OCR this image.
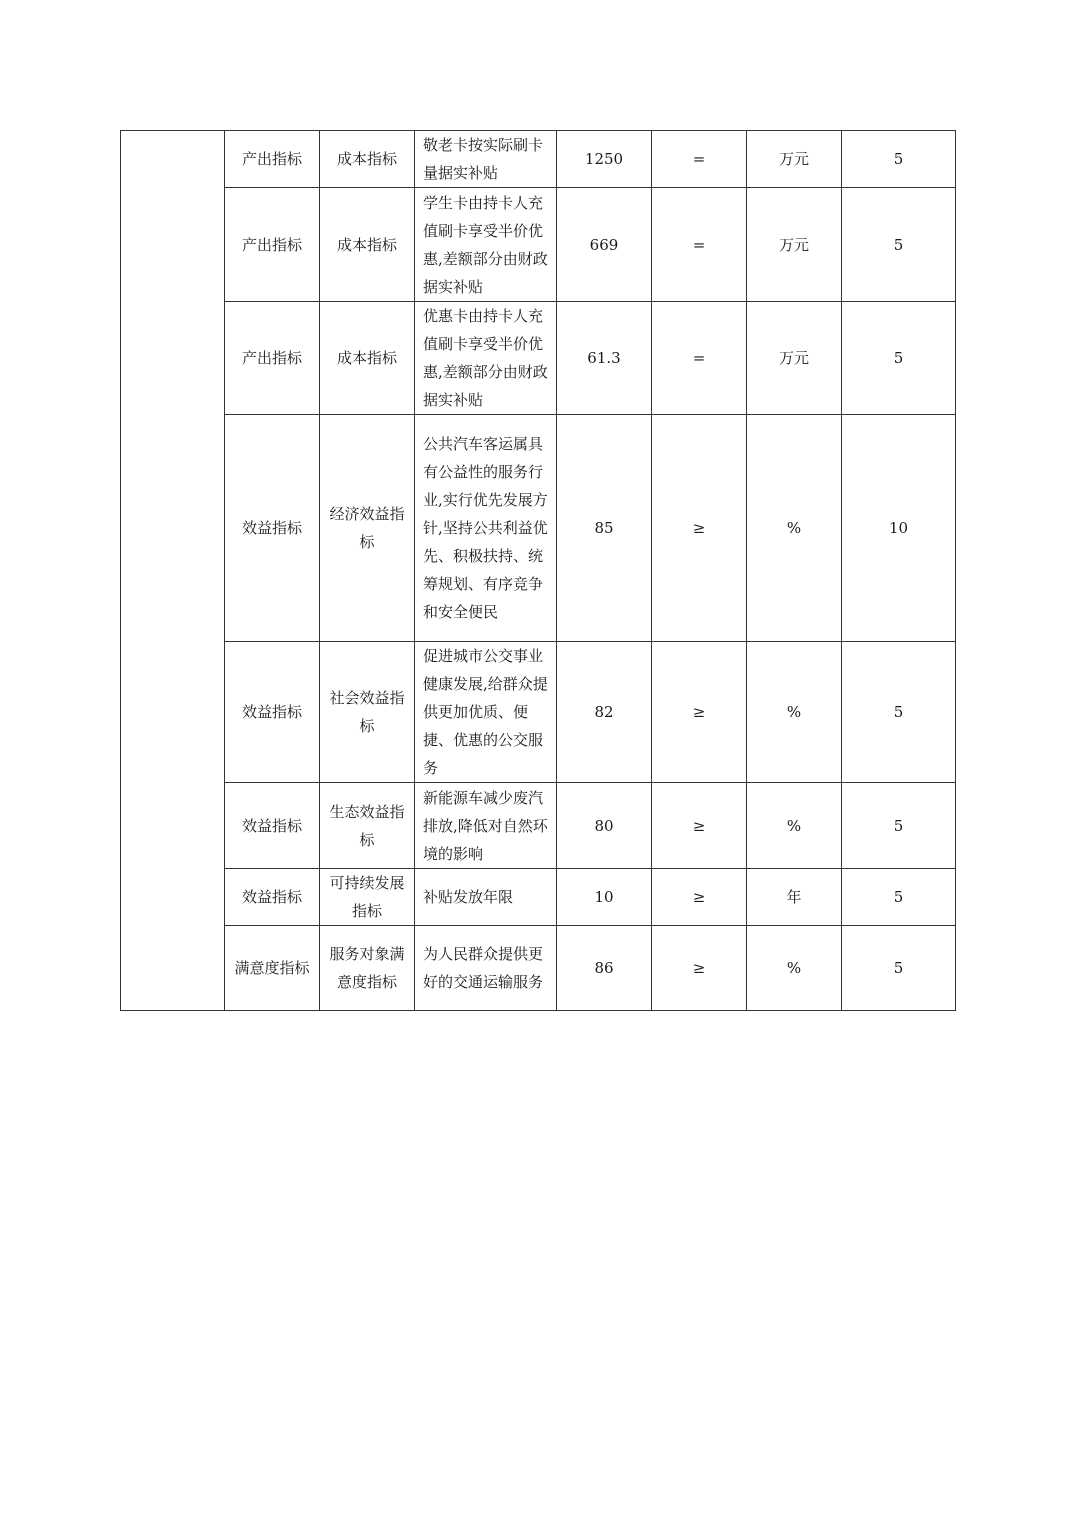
	产出指标	成本指标	敬老卡按实际刷卡量据实补贴	1250	=	万元	5
	产出指标	成本指标	学生卡由持卡人充值刷卡享受半价优惠,差额部分由财政据实补贴	669	=	万元	5
	产出指标	成本指标	优惠卡由持卡人充值刷卡享受半价优惠,差额部分由财政据实补贴	61.3	=	万元	5
	效益指标	经济效益指标	公共汽车客运属具有公益性的服务行业,实行优先发展方针,坚持公共利益优先、积极扶持、统筹规划、有序竞争和安全便民	85	≥	%	10
	效益指标	社会效益指标	促进城市公交事业健康发展,给群众提供更加优质、便捷、优惠的公交服务	82	≥	%	5
	效益指标	生态效益指标	新能源车减少废汽排放,降低对自然环境的影响	80	≥	%	5
	效益指标	可持续发展指标	补贴发放年限	10	≥	年	5
	满意度指标	服务对象满意度指标	为人民群众提供更好的交通运输服务	86	≥	%	5
